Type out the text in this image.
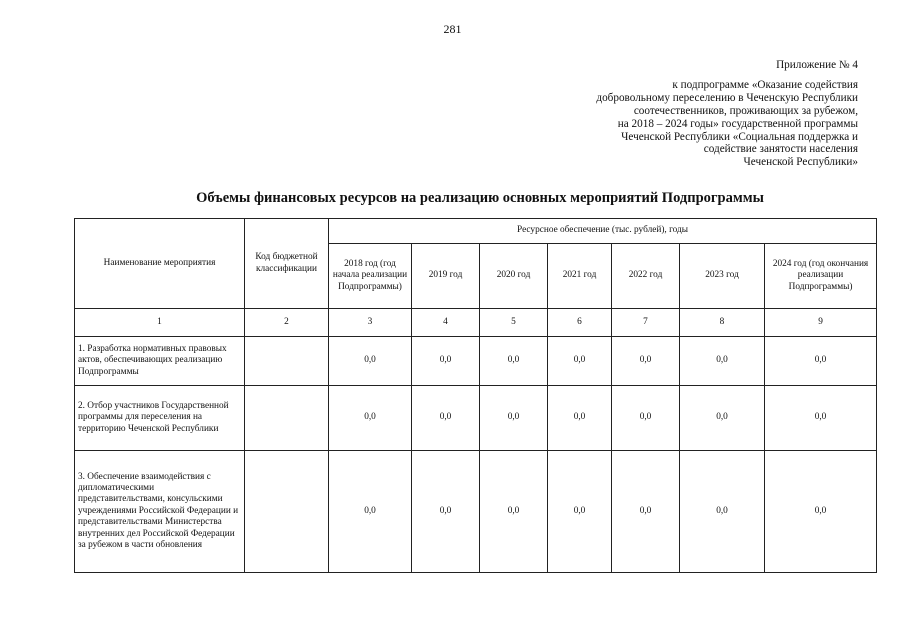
281
Приложение № 4
к подпрограмме «Оказание содействия
добровольному переселению в Чеченскую Республики
соотечественников, проживающих за рубежом,
на 2018 – 2024 годы» государственной программы
Чеченской Республики «Социальная поддержка и
содействие занятости населения
Чеченской Республики»
Объемы финансовых ресурсов на реализацию основных мероприятий Подпрограммы
Наименование мероприятия	Код бюджетной классификации	Ресурсное обеспечение (тыс. рублей), годы						
		2018 год (год начала реализации Подпрограммы)	2019 год	2020 год	2021 год	2022 год	2023 год	2024 год (год окончания реализации Подпрограммы)
1	2	3	4	5	6	7	8	9
1. Разработка нормативных правовых актов, обеспечивающих реализацию Подпрограммы		0,0	0,0	0,0	0,0	0,0	0,0	0,0
2. Отбор участников Государственной программы для переселения на территорию Чеченской Республики		0,0	0,0	0,0	0,0	0,0	0,0	0,0
3. Обеспечение взаимодействия с дипломатическими представительствами, консульскими учреждениями Российской Федерации и представительствами Министерства внутренних дел Российской Федерации за рубежом в части обновления		0,0	0,0	0,0	0,0	0,0	0,0	0,0
